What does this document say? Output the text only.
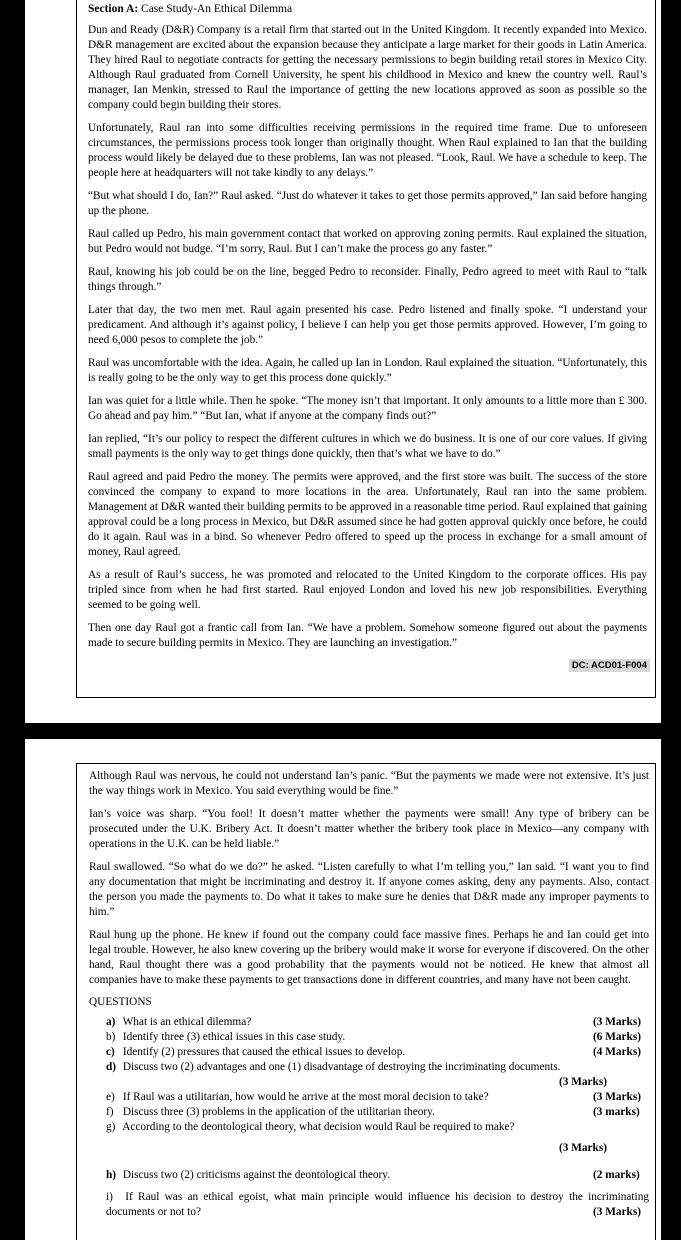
Section A: Case Study-An Ethical Dilemma

Dun and Ready (D&R) Company is a retail firm that started out in the United Kingdom. It recently expanded into Mexico. D&R management are excited about the expansion because they anticipate a large market for their goods in Latin America. They hired Raul to negotiate contracts for getting the necessary permissions to begin building retail stores in Mexico City. Although Raul graduated from Cornell University, he spent his childhood in Mexico and knew the country well. Raul’s manager, Ian Menkin, stressed to Raul the importance of getting the new locations approved as soon as possible so the company could begin building their stores.

Unfortunately, Raul ran into some difficulties receiving permissions in the required time frame. Due to unforeseen circumstances, the permissions process took longer than originally thought. When Raul explained to Ian that the building process would likely be delayed due to these problems, Ian was not pleased. “Look, Raul. We have a schedule to keep. The people here at headquarters will not take kindly to any delays.”

“But what should I do, Ian?” Raul asked. “Just do whatever it takes to get those permits approved,” Ian said before hanging up the phone.

Raul called up Pedro, his main government contact that worked on approving zoning permits. Raul explained the situation, but Pedro would not budge. “I’m sorry, Raul. But I can’t make the process go any faster.”

Raul, knowing his job could be on the line, begged Pedro to reconsider. Finally, Pedro agreed to meet with Raul to “talk things through.”

Later that day, the two men met. Raul again presented his case. Pedro listened and finally spoke. “I understand your predicament. And although it’s against policy, I believe I can help you get those permits approved. However, I’m going to need 6,000 pesos to complete the job.”

Raul was uncomfortable with the idea. Again, he called up Ian in London. Raul explained the situation. “Unfortunately, this is really going to be the only way to get this process done quickly.”

Ian was quiet for a little while. Then he spoke. “The money isn’t that important. It only amounts to a little more than £ 300. Go ahead and pay him.” “But Ian, what if anyone at the company finds out?”

Ian replied, “It’s our policy to respect the different cultures in which we do business. It is one of our core values. If giving small payments is the only way to get things done quickly, then that’s what we have to do.”

Raul agreed and paid Pedro the money. The permits were approved, and the first store was built. The success of the store convinced the company to expand to more locations in the area. Unfortunately, Raul ran into the same problem. Management at D&R wanted their building permits to be approved in a reasonable time period. Raul explained that gaining approval could be a long process in Mexico, but D&R assumed since he had gotten approval quickly once before, he could do it again. Raul was in a bind. So whenever Pedro offered to speed up the process in exchange for a small amount of money, Raul agreed.

As a result of Raul’s success, he was promoted and relocated to the United Kingdom to the corporate offices. His pay tripled since from when he had first started. Raul enjoyed London and loved his new job responsibilities. Everything seemed to be going well.

Then one day Raul got a frantic call from Ian. “We have a problem. Somehow someone figured out about the payments made to secure building permits in Mexico. They are launching an investigation.”

DC: ACD01-F004

Although Raul was nervous, he could not understand Ian’s panic. “But the payments we made were not extensive. It’s just the way things work in Mexico. You said everything would be fine.”

Ian’s voice was sharp. “You fool! It doesn’t matter whether the payments were small! Any type of bribery can be prosecuted under the U.K. Bribery Act. It doesn’t matter whether the bribery took place in Mexico—any company with operations in the U.K. can be held liable.”

Raul swallowed. “So what do we do?” he asked. “Listen carefully to what I’m telling you,” Ian said. “I want you to find any documentation that might be incriminating and destroy it. If anyone comes asking, deny any payments. Also, contact the person you made the payments to. Do what it takes to make sure he denies that D&R made any improper payments to him.”

Raul hung up the phone. He knew if found out the company could face massive fines. Perhaps he and Ian could get into legal trouble. However, he also knew covering up the bribery would make it worse for everyone if discovered. On the other hand, Raul thought there was a good probability that the payments would not be noticed. He knew that almost all companies have to make these payments to get transactions done in different countries, and many have not been caught.

QUESTIONS
a) What is an ethical dilemma?	(3 Marks)
b) Identify three (3) ethical issues in this case study.	(6 Marks)
c) Identify (2) pressures that caused the ethical issues to develop.	(4 Marks)
d) Discuss two (2) advantages and one (1) disadvantage of destroying the incriminating documents.
(3 Marks)
e) If Raul was a utilitarian, how would he arrive at the most moral decision to take?	(3 Marks)
f) Discuss three (3) problems in the application of the utilitarian theory.	(3 marks)
g) According to the deontological theory, what decision would Raul be required to make?
(3 Marks)
h) Discuss two (2) criticisms against the deontological theory.	(2 marks)
i) If Raul was an ethical egoist, what main principle would influence his decision to destroy the incriminating documents or not to?	(3 Marks)
